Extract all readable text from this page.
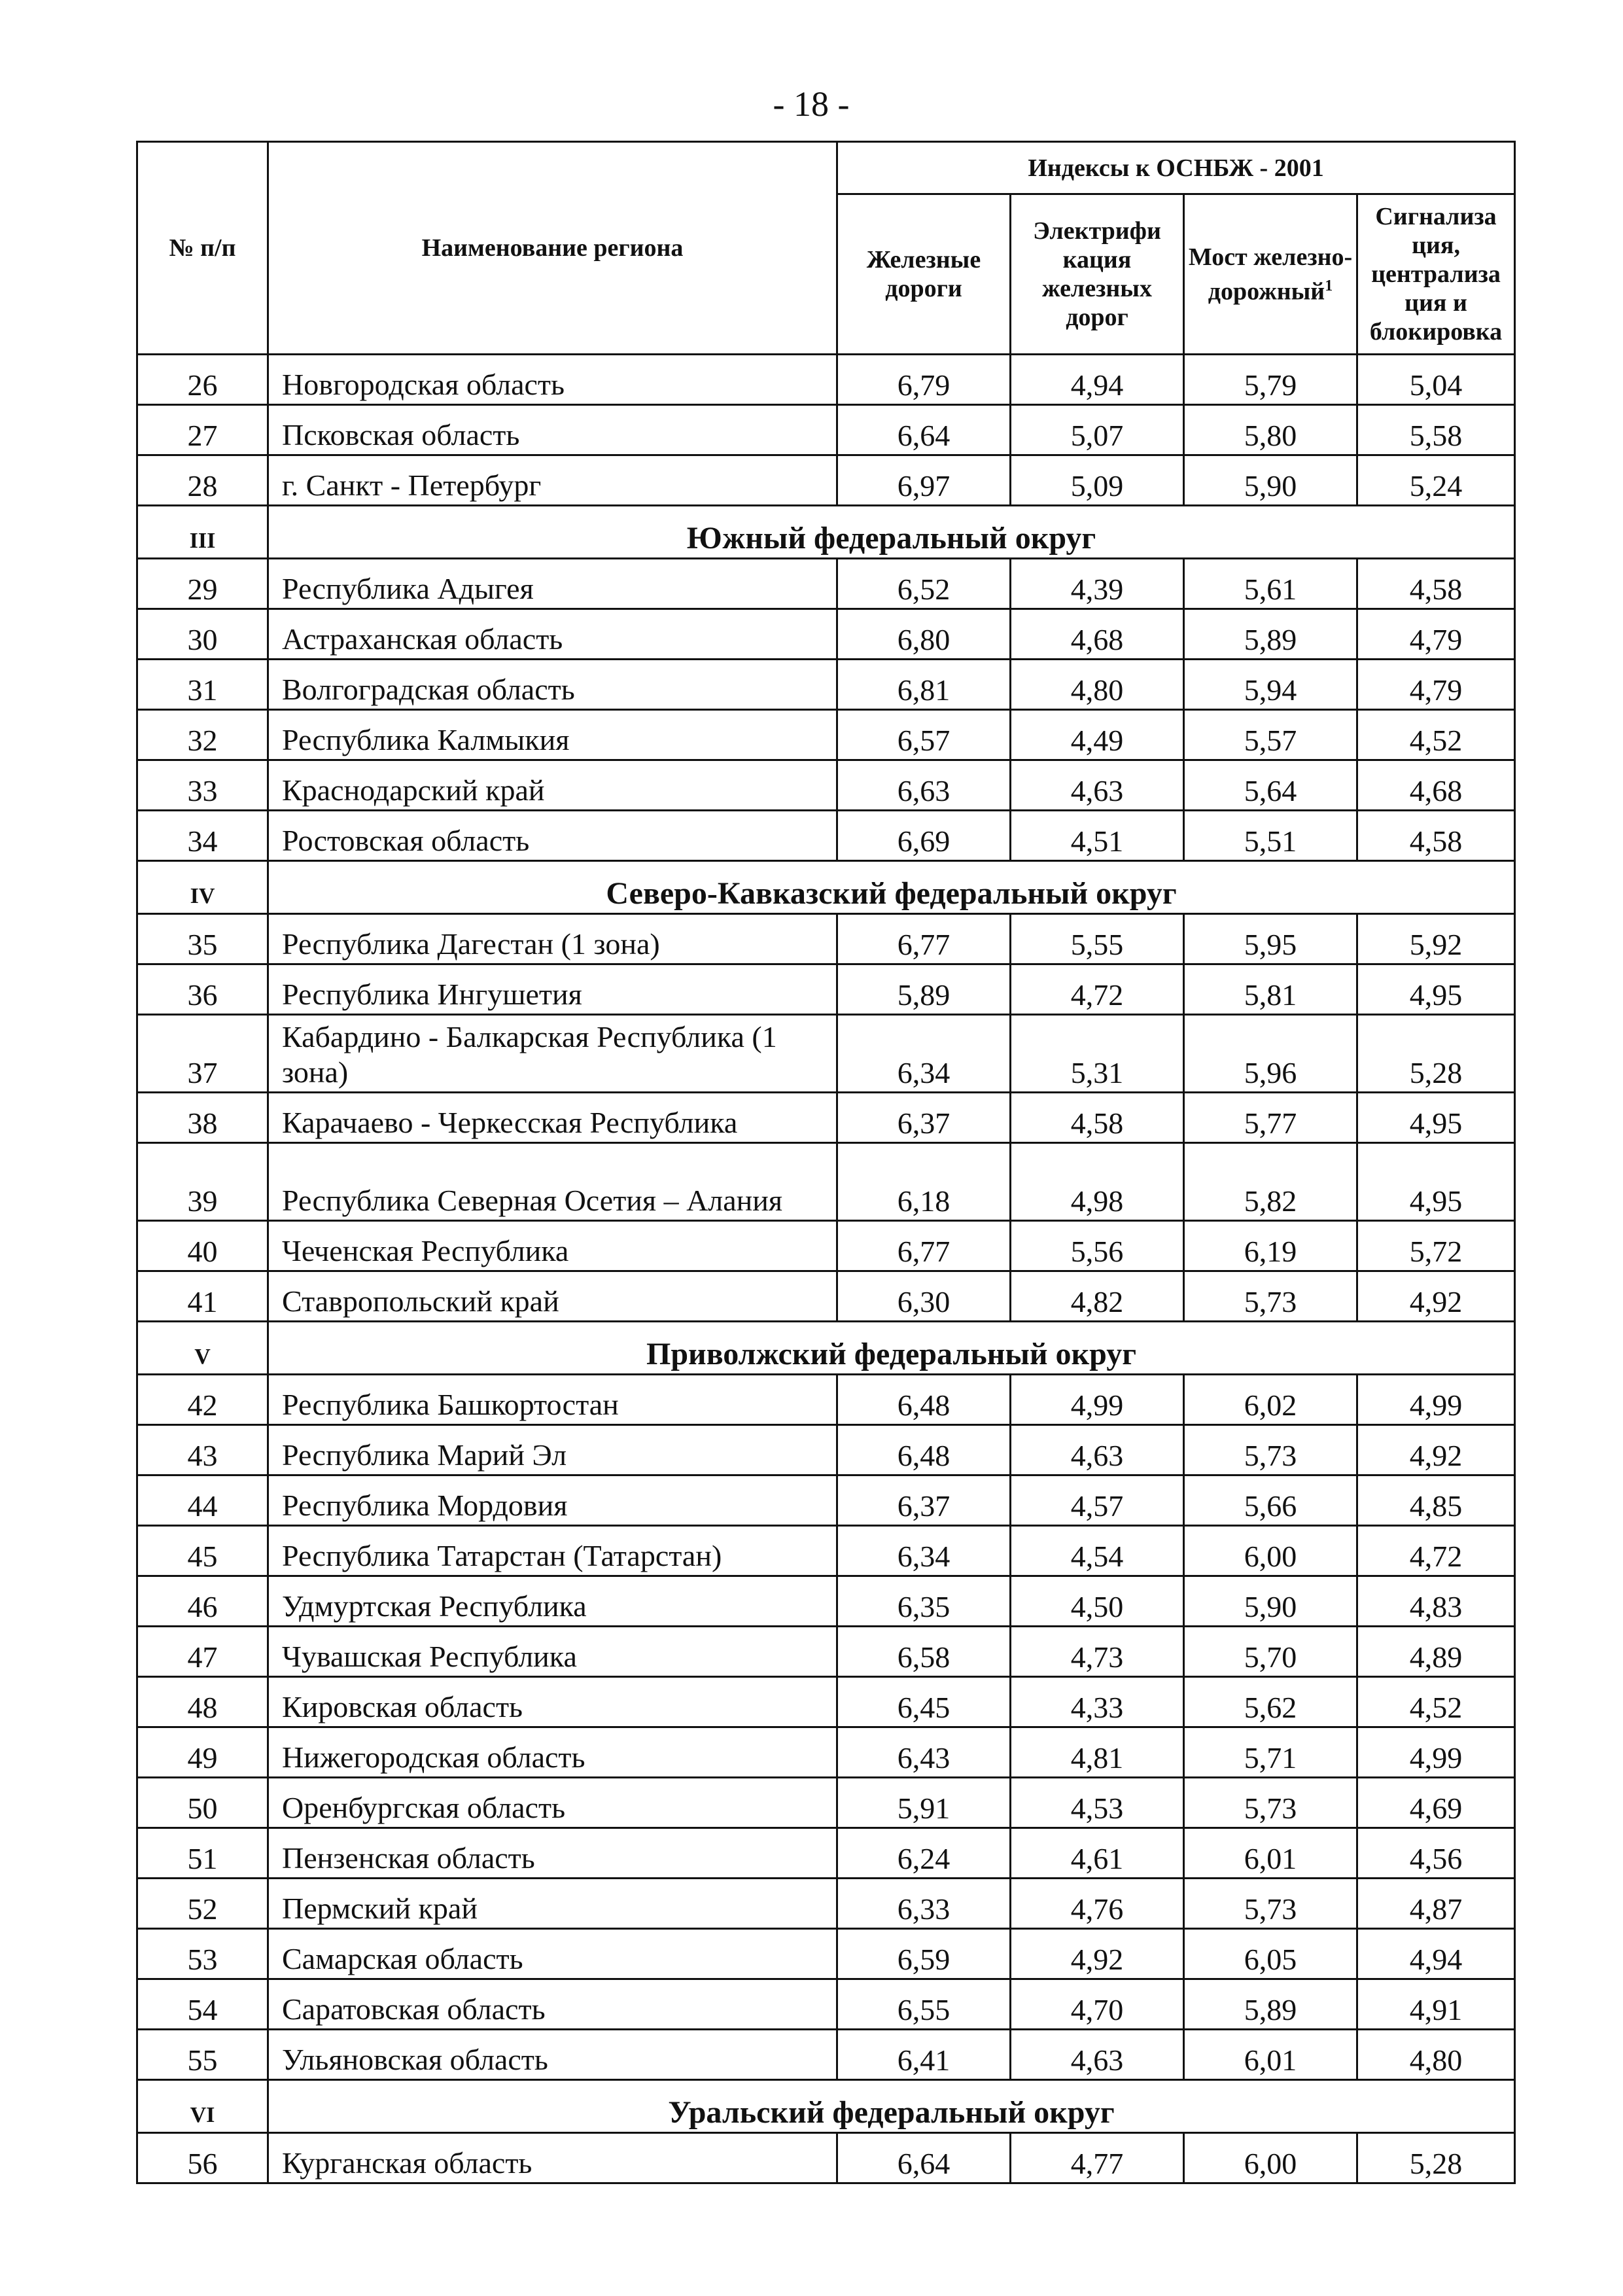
- 18 -
№ п/п	Наименование региона	Индексы к ОСНБЖ - 2001			
		Железные дороги	Электрифи кация железных дорог	Мост железно-дорожный$^1$	Сигнализа ция, централиза ция и блокировка
26	Новгородская область	6,79	4,94	5,79	5,04
27	Псковская область	6,64	5,07	5,80	5,58
28	г. Санкт - Петербург	6,97	5,09	5,90	5,24
III	Южный федеральный округ				
29	Республика Адыгея	6,52	4,39	5,61	4,58
30	Астраханская область	6,80	4,68	5,89	4,79
31	Волгоградская область	6,81	4,80	5,94	4,79
32	Республика Калмыкия	6,57	4,49	5,57	4,52
33	Краснодарский край	6,63	4,63	5,64	4,68
34	Ростовская область	6,69	4,51	5,51	4,58
IV	Северо-Кавказский федеральный округ				
35	Республика Дагестан (1 зона)	6,77	5,55	5,95	5,92
36	Республика Ингушетия	5,89	4,72	5,81	4,95
37	Кабардино - Балкарская Республика (1 зона)	6,34	5,31	5,96	5,28
38	Карачаево - Черкесская Республика	6,37	4,58	5,77	4,95
39	Республика Северная Осетия – Алания	6,18	4,98	5,82	4,95
40	Чеченская Республика	6,77	5,56	6,19	5,72
41	Ставропольский край	6,30	4,82	5,73	4,92
V	Приволжский федеральный округ				
42	Республика Башкортостан	6,48	4,99	6,02	4,99
43	Республика Марий Эл	6,48	4,63	5,73	4,92
44	Республика Мордовия	6,37	4,57	5,66	4,85
45	Республика Татарстан (Татарстан)	6,34	4,54	6,00	4,72
46	Удмуртская Республика	6,35	4,50	5,90	4,83
47	Чувашская Республика	6,58	4,73	5,70	4,89
48	Кировская область	6,45	4,33	5,62	4,52
49	Нижегородская область	6,43	4,81	5,71	4,99
50	Оренбургская область	5,91	4,53	5,73	4,69
51	Пензенская область	6,24	4,61	6,01	4,56
52	Пермский край	6,33	4,76	5,73	4,87
53	Самарская область	6,59	4,92	6,05	4,94
54	Саратовская область	6,55	4,70	5,89	4,91
55	Ульяновская область	6,41	4,63	6,01	4,80
VI	Уральский федеральный округ				
56	Курганская область	6,64	4,77	6,00	5,28
